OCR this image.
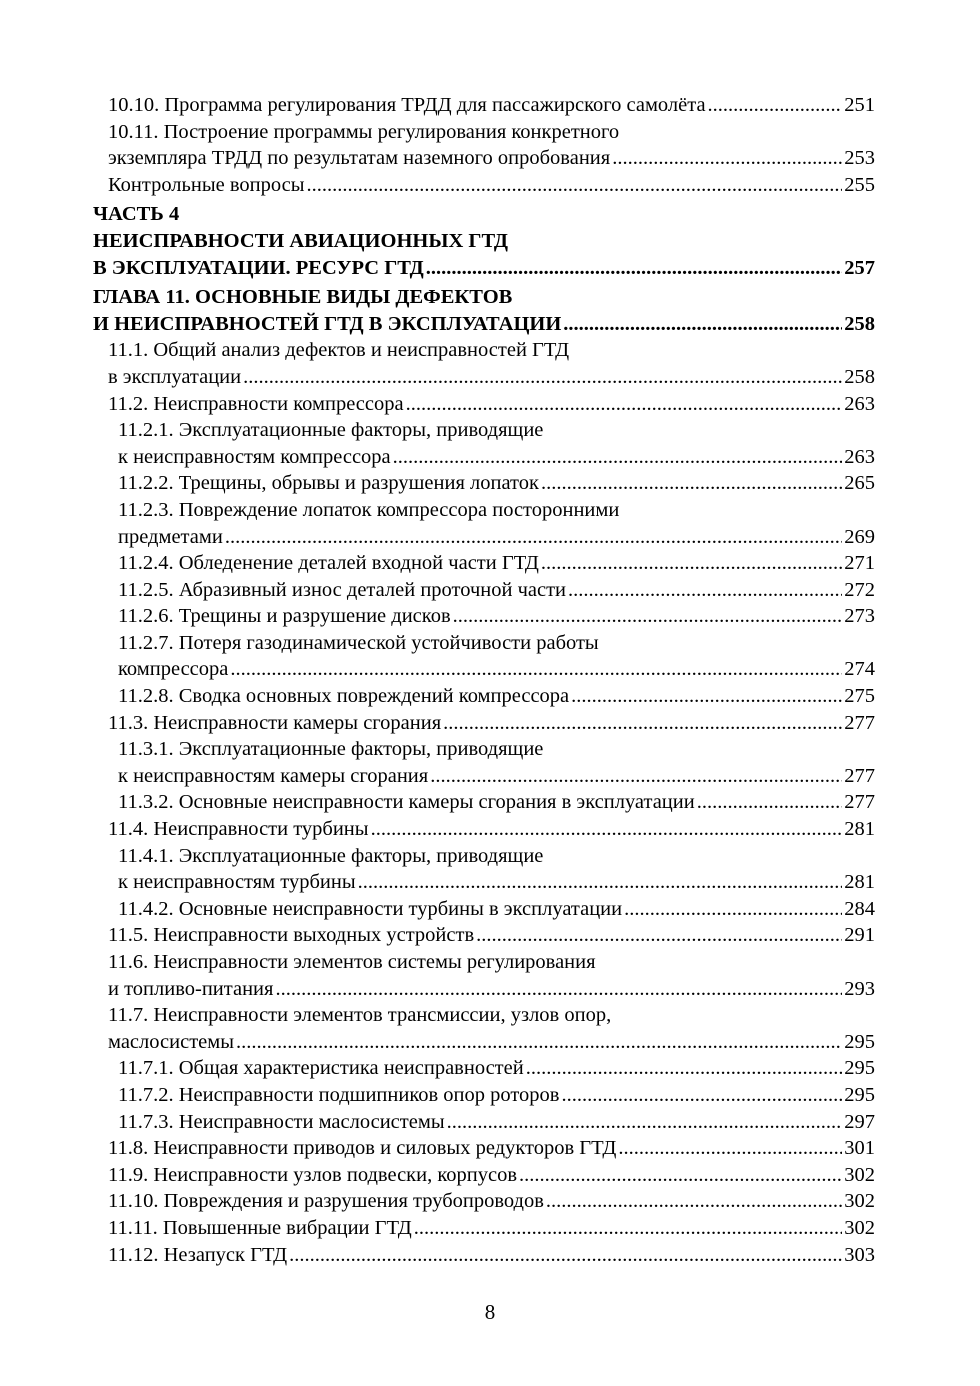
10.10. Программа регулирования ТРДД для пассажирского самолёта .....	251
10.11. Построение программы регулирования конкретного
экземпляра ТРДД по результатам наземного опробования .....	253
Контрольные вопросы .....	255
ЧАСТЬ 4
НЕИСПРАВНОСТИ АВИАЦИОННЫХ ГТД
В ЭКСПЛУАТАЦИИ. РЕСУРС ГТД .....	257
ГЛАВА 11. ОСНОВНЫЕ ВИДЫ ДЕФЕКТОВ
И НЕИСПРАВНОСТЕЙ ГТД В ЭКСПЛУАТАЦИИ .....	258
11.1. Общий анализ дефектов и неисправностей ГТД
в эксплуатации .....	258
11.2. Неисправности компрессора .....	263
11.2.1. Эксплуатационные факторы, приводящие
к неисправностям компрессора .....	263
11.2.2. Трещины, обрывы и разрушения лопаток .....	265
11.2.3. Повреждение лопаток компрессора посторонними
предметами .....	269
11.2.4. Обледенение деталей входной части ГТД .....	271
11.2.5. Абразивный износ деталей проточной части .....	272
11.2.6. Трещины и разрушение дисков .....	273
11.2.7. Потеря газодинамической устойчивости работы
компрессора .....	274
11.2.8. Сводка основных повреждений компрессора .....	275
11.3. Неисправности камеры сгорания .....	277
11.3.1. Эксплуатационные факторы, приводящие
к неисправностям камеры сгорания .....	277
11.3.2. Основные неисправности камеры сгорания в эксплуатации .....	277
11.4. Неисправности турбины .....	281
11.4.1. Эксплуатационные факторы, приводящие
к неисправностям турбины .....	281
11.4.2. Основные неисправности турбины в эксплуатации .....	284
11.5. Неисправности выходных устройств .....	291
11.6. Неисправности элементов системы регулирования
и топливо-питания .....	293
11.7. Неисправности элементов трансмиссии, узлов опор,
маслосистемы .....	295
11.7.1. Общая характеристика неисправностей .....	295
11.7.2. Неисправности подшипников опор роторов .....	295
11.7.3. Неисправности маслосистемы .....	297
11.8. Неисправности приводов и силовых редукторов ГТД .....	301
11.9. Неисправности узлов подвески, корпусов .....	302
11.10. Повреждения и разрушения трубопроводов .....	302
11.11. Повышенные вибрации ГТД .....	302
11.12. Незапуск ГТД .....	303
8
